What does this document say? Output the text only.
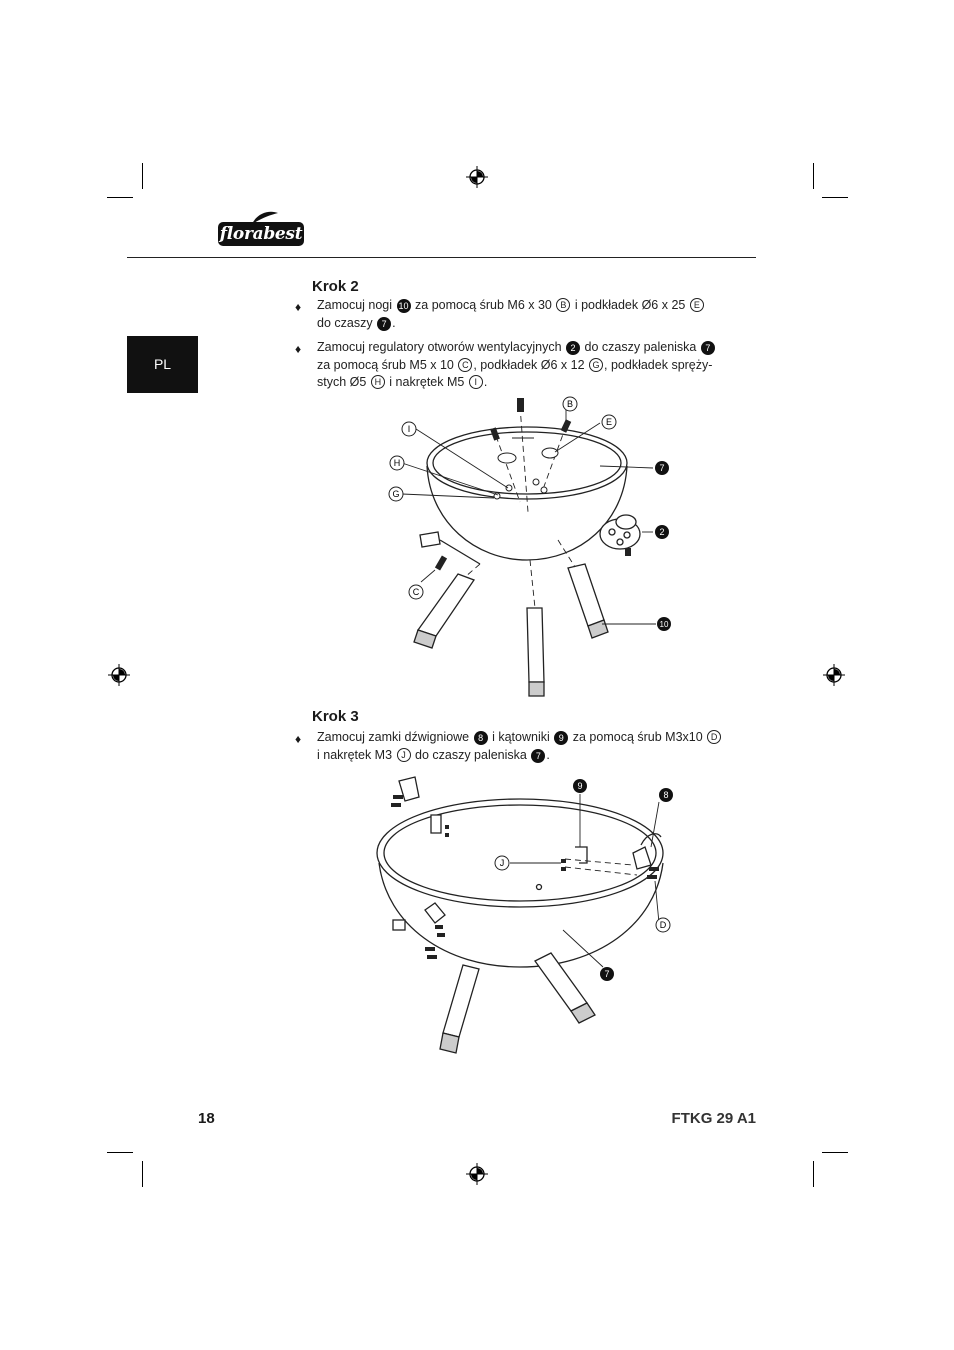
florabest
PL
Krok 2
♦ Zamocuj nogi 10 za pomocą śrub M6 x 30 B i podkładek Ø6 x 25 E
do czaszy 7 .
♦ Zamocuj regulatory otworów wentylacyjnych 2 do czaszy paleniska 7
za pomocą śrub M5 x 10 C , podkładek Ø6 x 12 G , podkładek spręży-
stych Ø5 H i nakrętek M5 I .
I
H
G
C
B
E
7
2
10
Krok 3
♦ Zamocuj zamki dźwigniowe 8 i kątowniki 9 za pomocą śrub M3x10 D
i nakrętek M3 J do czaszy paleniska 7 .
9
8
J
D
7
18	FTKG 29 A1
